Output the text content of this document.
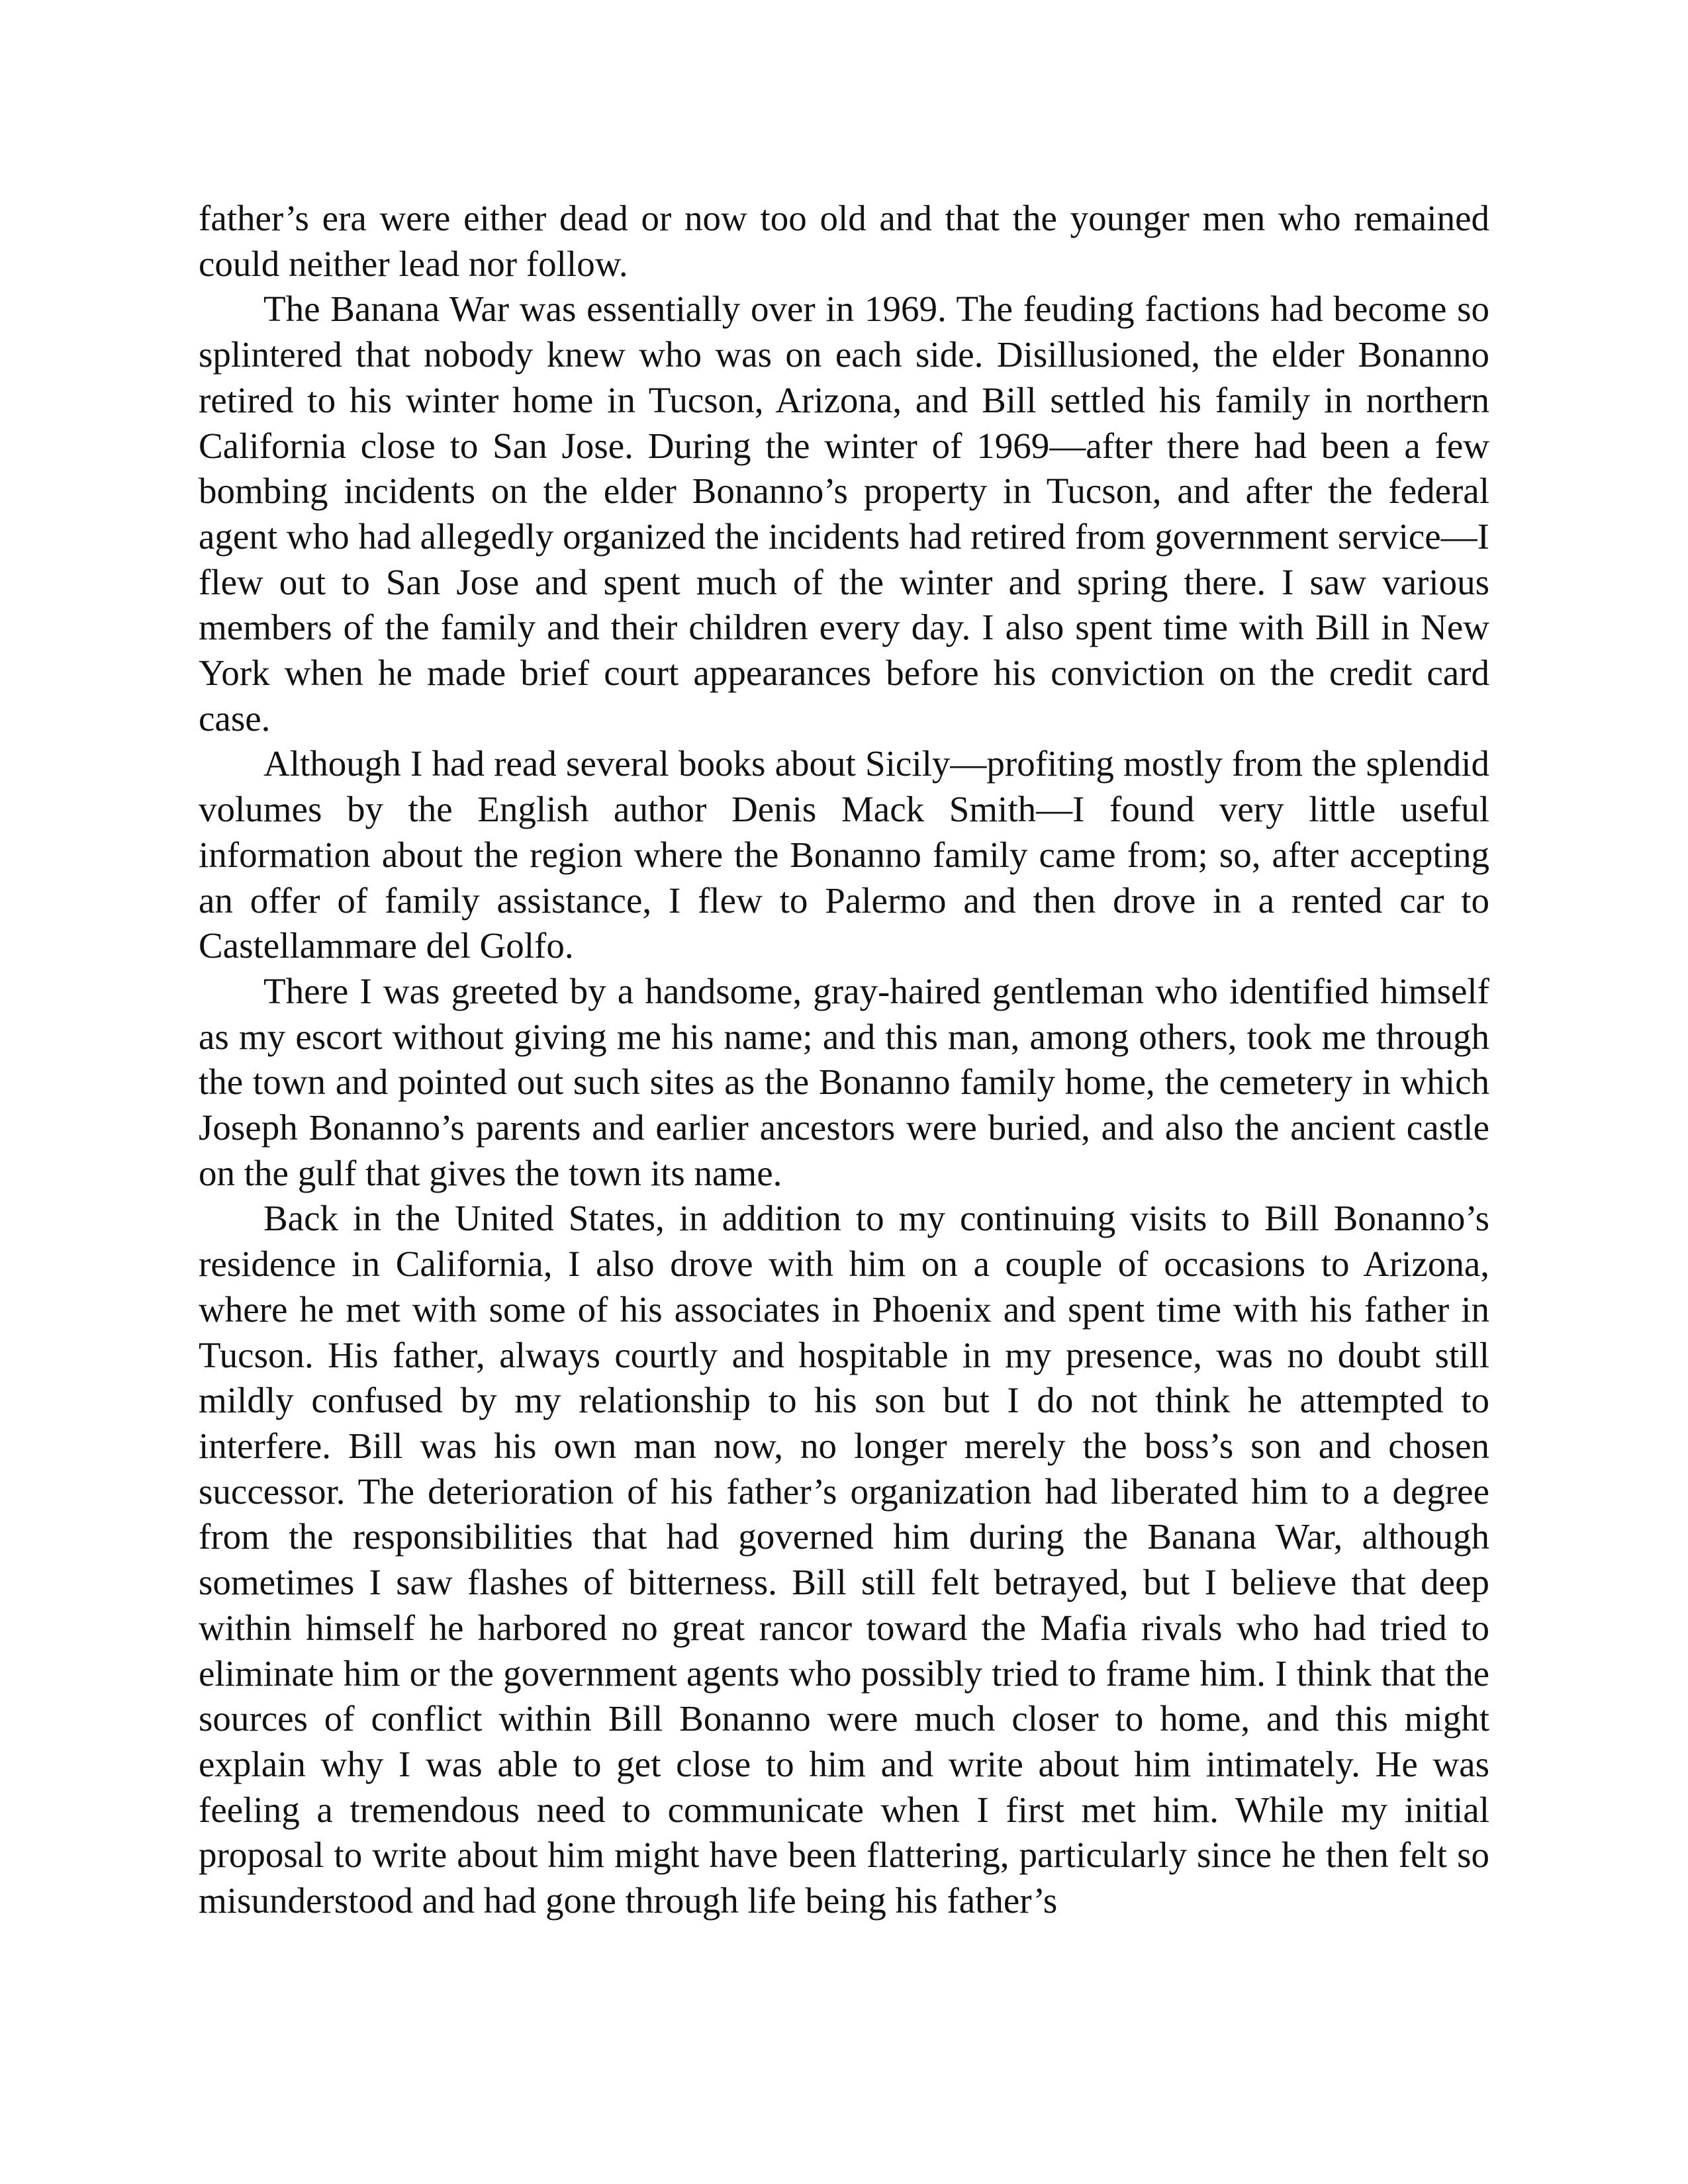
father’s era were either dead or now too old and that the younger men who remained could neither lead nor follow.

The Banana War was essentially over in 1969. The feuding factions had become so splintered that nobody knew who was on each side. Disillusioned, the elder Bonanno retired to his winter home in Tucson, Arizona, and Bill settled his family in northern California close to San Jose. During the winter of 1969—after there had been a few bombing incidents on the elder Bonanno’s property in Tucson, and after the federal agent who had allegedly organized the incidents had retired from government service—I flew out to San Jose and spent much of the winter and spring there. I saw various members of the family and their children every day. I also spent time with Bill in New York when he made brief court appearances before his conviction on the credit card case.

Although I had read several books about Sicily—profiting mostly from the splendid volumes by the English author Denis Mack Smith—I found very little useful information about the region where the Bonanno family came from; so, after accepting an offer of family assistance, I flew to Palermo and then drove in a rented car to Castellammare del Golfo.

There I was greeted by a handsome, gray-haired gentleman who identified himself as my escort without giving me his name; and this man, among others, took me through the town and pointed out such sites as the Bonanno family home, the cemetery in which Joseph Bonanno’s parents and earlier ancestors were buried, and also the ancient castle on the gulf that gives the town its name.

Back in the United States, in addition to my continuing visits to Bill Bonanno’s residence in California, I also drove with him on a couple of occasions to Arizona, where he met with some of his associates in Phoenix and spent time with his father in Tucson. His father, always courtly and hospitable in my presence, was no doubt still mildly confused by my relationship to his son but I do not think he attempted to interfere. Bill was his own man now, no longer merely the boss’s son and chosen successor. The deterioration of his father’s organization had liberated him to a degree from the responsibilities that had governed him during the Banana War, although sometimes I saw flashes of bitterness. Bill still felt betrayed, but I believe that deep within himself he harbored no great rancor toward the Mafia rivals who had tried to eliminate him or the government agents who possibly tried to frame him. I think that the sources of conflict within Bill Bonanno were much closer to home, and this might explain why I was able to get close to him and write about him intimately. He was feeling a tremendous need to communicate when I first met him. While my initial proposal to write about him might have been flattering, particularly since he then felt so misunderstood and had gone through life being his father’s
